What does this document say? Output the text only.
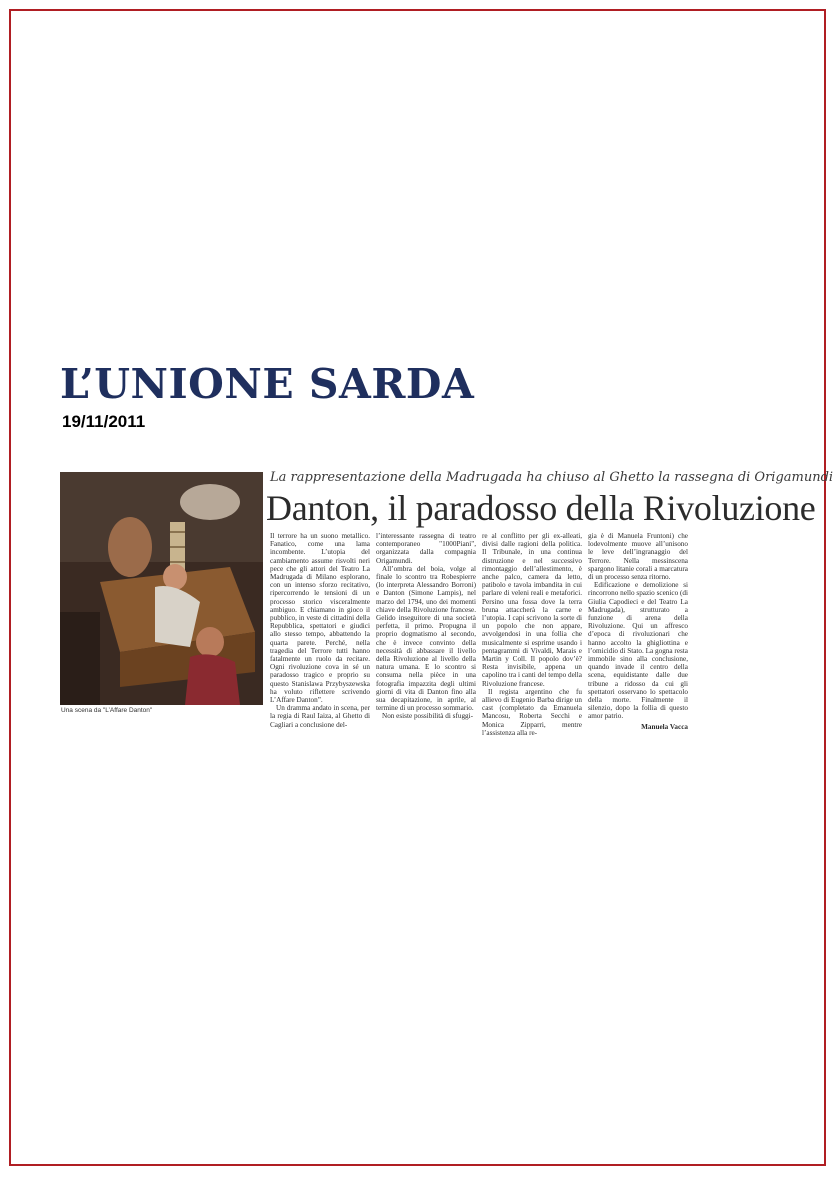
L’UNIONE SARDA
19/11/2011
Una scena da "L’Affare Danton"
La rappresentazione della Madrugada ha chiuso al Ghetto la rassegna di Origamundi
Danton, il paradosso della Rivoluzione

Il terrore ha un suono metallico. Fanatico, come una lama incombente. L’utopia del cambiamento assume risvolti neri pece che gli attori del Teatro La Madrugada di Milano esplorano, con un intenso sforzo recitativo, ripercorrendo le tensioni di un processo storico visceralmente ambiguo. E chiamano in gioco il pubblico, in veste di cittadini della Repubblica, spettatori e giudici allo stesso tempo, abbattendo la quarta parete. Perché, nella tragedia del Terrore tutti hanno fatalmente un ruolo da recitare. Ogni rivoluzione cova in sé un paradosso tragico e proprio su questo Stanislawa Przybyszewska ha voluto riflettere scrivendo L’Affare Danton”.

Un dramma andato in scena, per la regia di Raul Iaiza, al Ghetto di Cagliari a conclusione del-

l’interessante rassegna di teatro contemporaneo "1000Piani", organizzata dalla compagnia Origamundi.

All’ombra del boia, volge al finale lo scontro tra Robespierre (lo interpreta Alessandro Borroni) e Danton (Simone Lampis), nel marzo del 1794, uno dei momenti chiave della Rivoluzione francese. Gelido inseguitore di una società perfetta, il primo. Propugna il proprio dogmatismo al secondo, che è invece convinto della necessità di abbassare il livello della Rivoluzione al livello della natura umana. E lo scontro si consuma nella pièce in una fotografia impazzita degli ultimi giorni di vita di Danton fino alla sua decapitazione, in aprile, al termine di un processo sommario.

Non esiste possibilità di sfuggi-

re al conflitto per gli ex-alleati, divisi dalle ragioni della politica. Il Tribunale, in una continua distruzione e nel successivo rimontaggio dell’allestimento, è anche palco, camera da letto, patibolo e tavola imbandita in cui parlare di veleni reali e metaforici. Persino una fossa dove la terra bruna attaccherà la carne e l’utopia. I capi scrivono la sorte di un popolo che non appare, avvolgendosi in una follia che musicalmente si esprime usando i pentagrammi di Vivaldi, Marais e Martin y Coll. Il popolo dov’è? Resta invisibile, appena un capolino tra i canti del tempo della Rivoluzione francese.

Il regista argentino che fu allievo di Eugenio Barba dirige un cast (completato da Emanuela Mancosu, Roberta Secchi e Monica Zipparri, mentre l’assistenza alla re-

gia è di Manuela Fruntoni) che lodevolmente muove all’unisono le leve dell’ingranaggio del Terrore. Nella messinscena spargono litanie corali a marcatura di un processo senza ritorno.

Edificazione e demolizione si rincorrono nello spazio scenico (di Giulia Capodieci e del Teatro La Madrugada), strutturato a funzione di arena della Rivoluzione. Qui un affresco d’epoca di rivoluzionari che hanno accolto la ghigliottina e l’omicidio di Stato. La gogna resta immobile sino alla conclusione, quando invade il centro della scena, equidistante dalle due tribune a ridosso da cui gli spettatori osservano lo spettacolo della morte. Finalmente il silenzio, dopo la follia di questo amor patrio.

Manuela Vacca
